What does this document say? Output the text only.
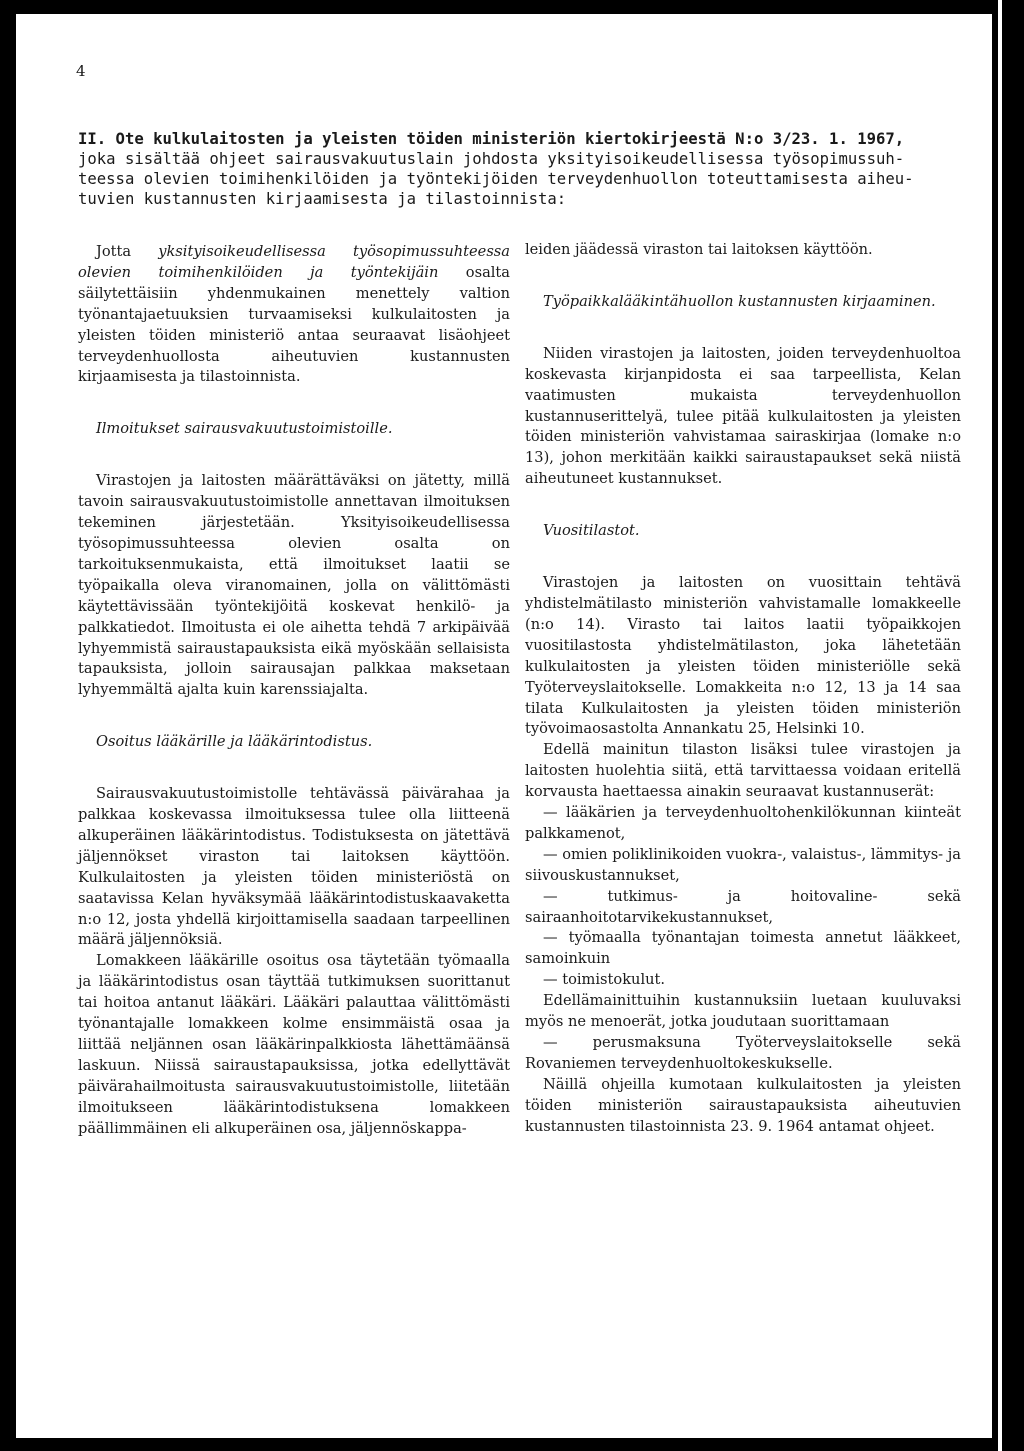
4
II. Ote kulkulaitosten ja yleisten töiden ministeriön kiertokirjeestä N:o 3/23. 1. 1967,
joka sisältää ohjeet sairausvakuutuslain johdosta yksityisoikeudellisessa työsopimussuh-
teessa olevien toimihenkilöiden ja työntekijöiden terveydenhuollon toteuttamisesta aiheu-
tuvien kustannusten kirjaamisesta ja tilastoinnista:

Jotta yksityisoikeudellisessa työsopimussuhteessa olevien toimihenkilöiden ja työntekijäin osalta säilytettäisiin yhdenmukainen menettely valtion työnantajaetuuksien turvaamiseksi kulkulaitosten ja yleisten töiden ministeriö antaa seuraavat lisäohjeet terveydenhuollosta aiheutuvien kustannusten kirjaamisesta ja tilastoinnista.

Ilmoitukset sairausvakuutustoimistoille.

Virastojen ja laitosten määrättäväksi on jätetty, millä tavoin sairausvakuutustoimistolle annettavan ilmoituksen tekeminen järjestetään. Yksityisoikeudellisessa työsopimussuhteessa olevien osalta on tarkoituksenmukaista, että ilmoitukset laatii se työpaikalla oleva viranomainen, jolla on välittömästi käytettävissään työntekijöitä koskevat henkilö- ja palkkatiedot. Ilmoitusta ei ole aihetta tehdä 7 arkipäivää lyhyemmistä sairaustapauksista eikä myöskään sellaisista tapauksista, jolloin sairausajan palkkaa maksetaan lyhyemmältä ajalta kuin karenssiajalta.

Osoitus lääkärille ja lääkärintodistus.

Sairausvakuutustoimistolle tehtävässä päivärahaa ja palkkaa koskevassa ilmoituksessa tulee olla liitteenä alkuperäinen lääkärintodistus. Todistuksesta on jätettävä jäljennökset viraston tai laitoksen käyttöön. Kulkulaitosten ja yleisten töiden ministeriöstä on saatavissa Kelan hyväksymää lääkärintodistuskaavaketta n:o 12, josta yhdellä kirjoittamisella saadaan tarpeellinen määrä jäljennöksiä.

Lomakkeen lääkärille osoitus osa täytetään työmaalla ja lääkärintodistus osan täyttää tutkimuksen suorittanut tai hoitoa antanut lääkäri. Lääkäri palauttaa välittömästi työnantajalle lomakkeen kolme ensimmäistä osaa ja liittää neljännen osan lääkärinpalkkiosta lähettämäänsä laskuun. Niissä sairaustapauksissa, jotka edellyttävät päivärahailmoitusta sairausvakuutustoimistolle, liitetään ilmoitukseen lääkärintodistuksena lomakkeen päällimmäinen eli alkuperäinen osa, jäljennöskappa-

leiden jäädessä viraston tai laitoksen käyttöön.

Työpaikkalääkintähuollon kustannusten kirjaaminen.

Niiden virastojen ja laitosten, joiden terveydenhuoltoa koskevasta kirjanpidosta ei saa tarpeellista, Kelan vaatimusten mukaista terveydenhuollon kustannuserittelyä, tulee pitää kulkulaitosten ja yleisten töiden ministeriön vahvistamaa sairaskirjaa (lomake n:o 13), johon merkitään kaikki sairaustapaukset sekä niistä aiheutuneet kustannukset.

Vuositilastot.

Virastojen ja laitosten on vuosittain tehtävä yhdistelmätilasto ministeriön vahvistamalle lomakkeelle (n:o 14). Virasto tai laitos laatii työpaikkojen vuositilastosta yhdistelmätilaston, joka lähetetään kulkulaitosten ja yleisten töiden ministeriölle sekä Työterveyslaitokselle. Lomakkeita n:o 12, 13 ja 14 saa tilata Kulkulaitosten ja yleisten töiden ministeriön työvoimaosastolta Annankatu 25, Helsinki 10.

Edellä mainitun tilaston lisäksi tulee virastojen ja laitosten huolehtia siitä, että tarvittaessa voidaan eritellä korvausta haettaessa ainakin seuraavat kustannuserät:

— lääkärien ja terveydenhuoltohenkilökunnan kiinteät palkkamenot,

— omien poliklinikoiden vuokra-, valaistus-, lämmitys- ja siivouskustannukset,

— tutkimus- ja hoitovaline- sekä sairaanhoitotarvikekustannukset,

— työmaalla työnantajan toimesta annetut lääkkeet, samoinkuin

— toimistokulut.

Edellämainittuihin kustannuksiin luetaan kuuluvaksi myös ne menoerät, jotka joudutaan suorittamaan

— perusmaksuna Työterveyslaitokselle sekä Rovaniemen terveydenhuoltokeskukselle.

Näillä ohjeilla kumotaan kulkulaitosten ja yleisten töiden ministeriön sairaustapauksista aiheutuvien kustannusten tilastoinnista 23. 9. 1964 antamat ohjeet.
